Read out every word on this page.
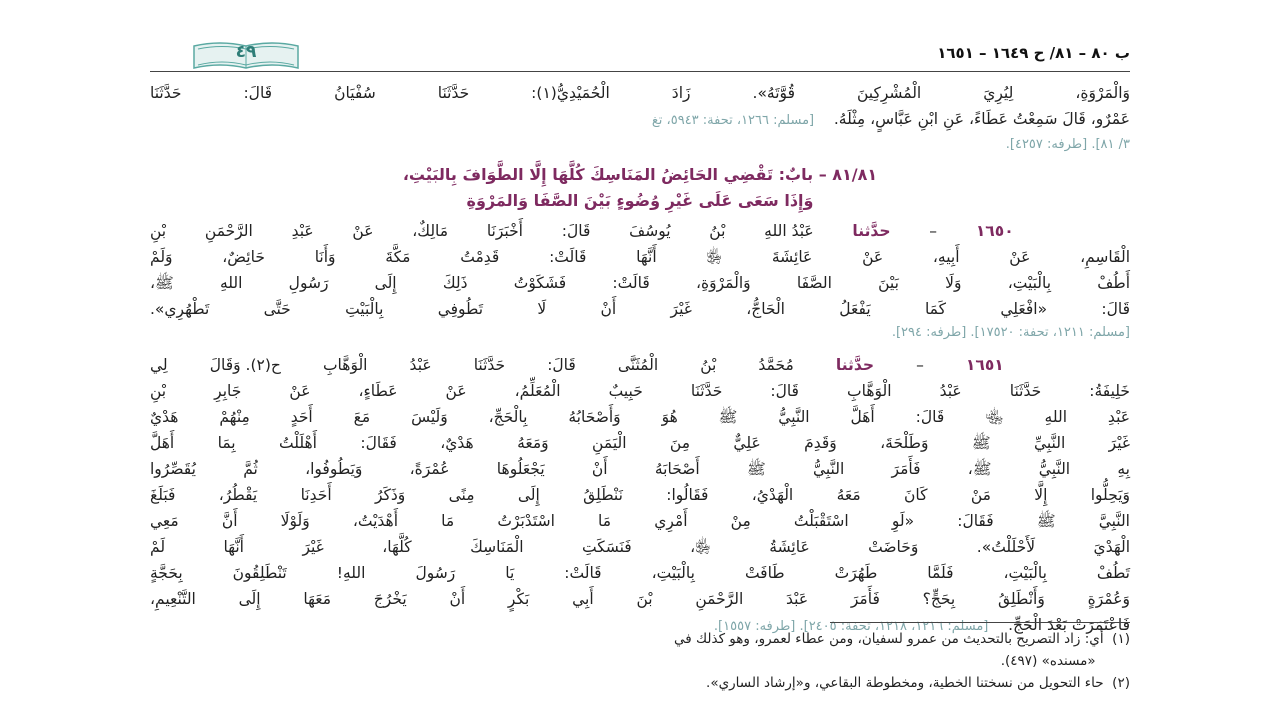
ب ٨٠ – ٨١/ ح ١٦٤٩ – ١٦٥١
٤٩

وَالْمَرْوَةِ، لِيُرِيَ الْمُشْرِكِينَ قُوَّتَهُ». زَادَ الْحُمَيْدِيُّ(١): حَدَّثَنَا سُفْيَانُ قَالَ: حَدَّثَنَا

عَمْرٌو، قَالَ سَمِعْتُ عَطَاءً، عَنِ ابْنِ عَبَّاسٍ، مِثْلَهُ.    [مسلم: ١٢٦٦، تحفة: ٥٩٤٣، تغ

٣/ ٨١]. [طرفه: ٤٢٥٧].

٨١/٨١ – بابٌ: تَقْضِي الحَائِضُ المَنَاسِكَ كُلَّهَا إِلَّا الطَّوَافَ بِالبَيْتِ،
وَإِذَا سَعَى عَلَى غَيْرِ وُضُوءٍ بَيْنَ الصَّفَا وَالمَرْوَةِ

١٦٥٠ – حدَّثنا عَبْدُ اللهِ بْنُ يُوسُفَ قَالَ: أَخْبَرَنَا مَالِكٌ، عَنْ عَبْدِ الرَّحْمَنِ بْنِ

الْقَاسِمِ، عَنْ أَبِيهِ، عَنْ عَائِشَةَ ﵂ أَنَّهَا قَالَتْ: قَدِمْتُ مَكَّةَ وَأَنَا حَائِضٌ، وَلَمْ

أَطُفْ بِالْبَيْتِ، وَلَا بَيْنَ الصَّفَا وَالْمَرْوَةِ، قَالَتْ: فَشَكَوْتُ ذَلِكَ إِلَى رَسُولِ اللهِ ﷺ،

قَالَ: «افْعَلِي كَمَا يَفْعَلُ الْحَاجُّ، غَيْرَ أَنْ لَا تَطُوفِي بِالْبَيْتِ حَتَّى تَطْهُرِي».

[مسلم: ١٢١١، تحفة: ١٧٥٢٠]. [طرفه: ٢٩٤].

١٦٥١ – حدَّثنا مُحَمَّدُ بْنُ الْمُثَنَّى قَالَ: حَدَّثَنَا عَبْدُ الْوَهَّابِ ح(٢). وَقَالَ لِي

خَلِيفَةُ: حَدَّثَنَا عَبْدُ الْوَهَّابِ قَالَ: حَدَّثَنَا حَبِيبٌ الْمُعَلِّمُ، عَنْ عَطَاءٍ، عَنْ جَابِرِ بْنِ

عَبْدِ اللهِ ﵄ قَالَ: أَهَلَّ النَّبِيُّ ﷺ هُوَ وَأَصْحَابُهُ بِالْحَجِّ، وَلَيْسَ مَعَ أَحَدٍ مِنْهُمْ هَدْيٌ

غَيْرَ النَّبِيِّ ﷺ وَطَلْحَةَ، وَقَدِمَ عَلِيٌّ مِنَ الْيَمَنِ وَمَعَهُ هَدْيٌ، فَقَالَ: أَهْلَلْتُ بِمَا أَهَلَّ

بِهِ النَّبِيُّ ﷺ، فَأَمَرَ النَّبِيُّ ﷺ أَصْحَابَهُ أَنْ يَجْعَلُوهَا عُمْرَةً، وَيَطُوفُوا، ثُمَّ يُقَصِّرُوا

وَيَحِلُّوا إِلَّا مَنْ كَانَ مَعَهُ الْهَدْيُ، فَقَالُوا: نَنْطَلِقُ إِلَى مِنًى وَذَكَرُ أَحَدِنَا يَقْطُرُ، فَبَلَغَ

النَّبِيَّ ﷺ فَقَالَ: «لَوِ اسْتَقْبَلْتُ مِنْ أَمْرِي مَا اسْتَدْبَرْتُ مَا أَهْدَيْتُ، وَلَوْلَا أَنَّ مَعِي

الْهَدْيَ لَأَحْلَلْتُ». وَحَاضَتْ عَائِشَةُ ﵂، فَنَسَكَتِ الْمَنَاسِكَ كُلَّهَا، غَيْرَ أَنَّهَا لَمْ

تَطُفْ بِالْبَيْتِ، فَلَمَّا طَهُرَتْ طَافَتْ بِالْبَيْتِ، قَالَتْ: يَا رَسُولَ اللهِ! تَنْطَلِقُونَ بِحَجَّةٍ

وَعُمْرَةٍ وَأَنْطَلِقُ بِحَجٍّ؟ فَأَمَرَ عَبْدَ الرَّحْمَنِ بْنَ أَبِي بَكْرٍ أَنْ يَخْرُجَ مَعَهَا إِلَى التَّنْعِيمِ،

فَاعْتَمَرَتْ بَعْدَ الْحَجِّ.    [مسلم: ١٢١٦، ١٢١٨، تحفة: ٢٤٠٥]. [طرفه: ١٥٥٧].

(١)  أي: زاد التصريح بالتحديث من عمرو لسفيان، ومن عطاء لعمرو، وهو كذلك في

«مسنده» (٤٩٧).

(٢)  حاء التحويل من نسختنا الخطية، ومخطوطة البقاعي، و«إرشاد الساري».
